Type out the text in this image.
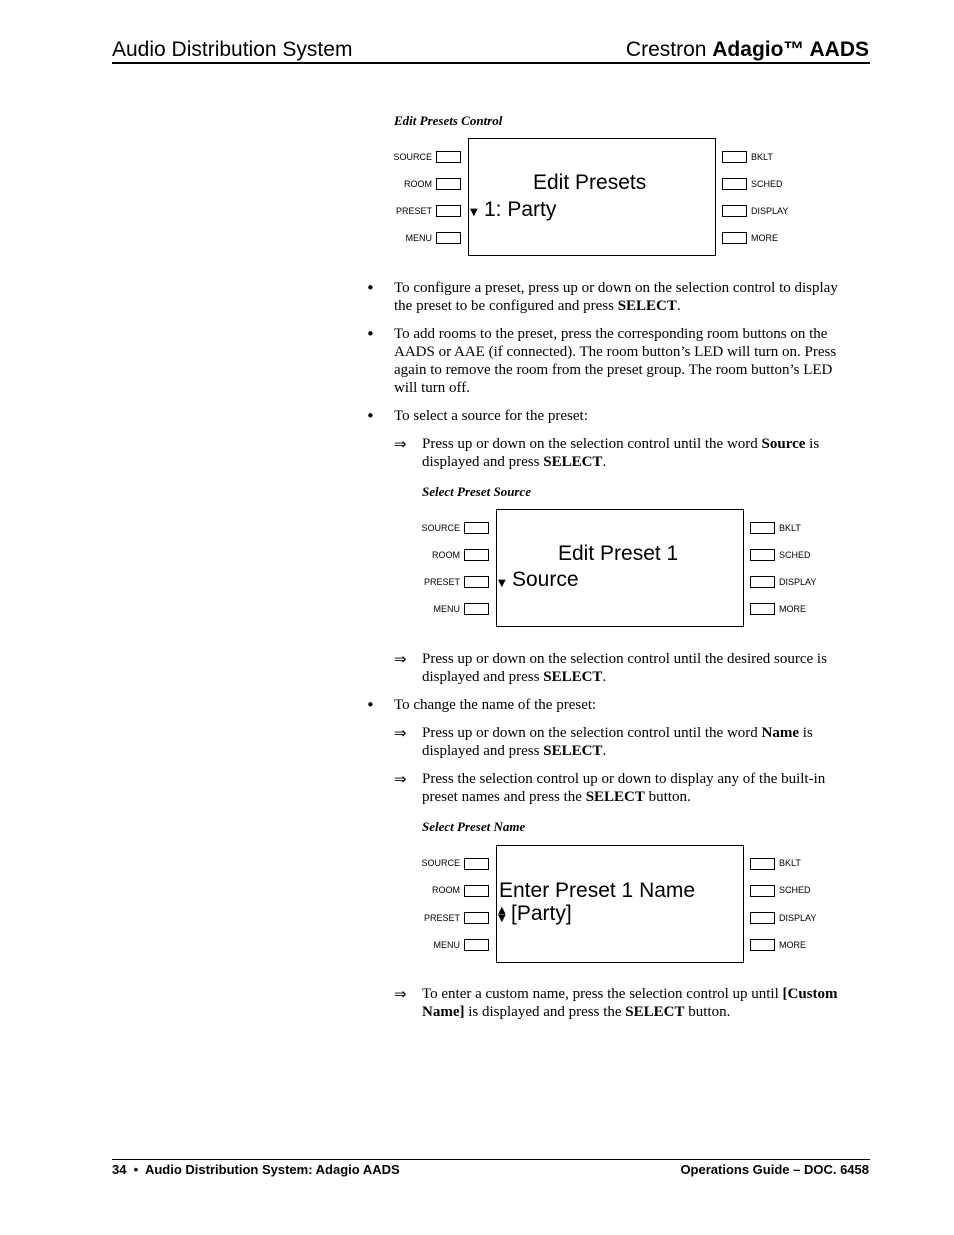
Audio Distribution System	Crestron Adagio™ AADS
Edit Presets Control
SOURCE
ROOM
PRESET
MENU
Edit Presets
▼ 1: Party
BKLT
SCHED
DISPLAY
MORE
• To configure a preset, press up or down on the selection control to display the preset to be configured and press SELECT.
• To add rooms to the preset, press the corresponding room buttons on the AADS or AAE (if connected). The room button’s LED will turn on. Press again to remove the room from the preset group. The room button’s LED will turn off.
• To select a source for the preset:
⇒ Press up or down on the selection control until the word Source is displayed and press SELECT.
Select Preset Source
SOURCE
ROOM
PRESET
MENU
Edit Preset 1
▼ Source
BKLT
SCHED
DISPLAY
MORE
⇒ Press up or down on the selection control until the desired source is displayed and press SELECT.
• To change the name of the preset:
⇒ Press up or down on the selection control until the word Name is displayed and press SELECT.
⇒ Press the selection control up or down to display any of the built-in preset names and press the SELECT button.
Select Preset Name
SOURCE
ROOM
PRESET
MENU
Enter Preset 1 Name
▲
▼ [Party]
BKLT
SCHED
DISPLAY
MORE
⇒ To enter a custom name, press the selection control up until [Custom Name] is displayed and press the SELECT button.
34  •  Audio Distribution System: Adagio AADS	Operations Guide – DOC. 6458
